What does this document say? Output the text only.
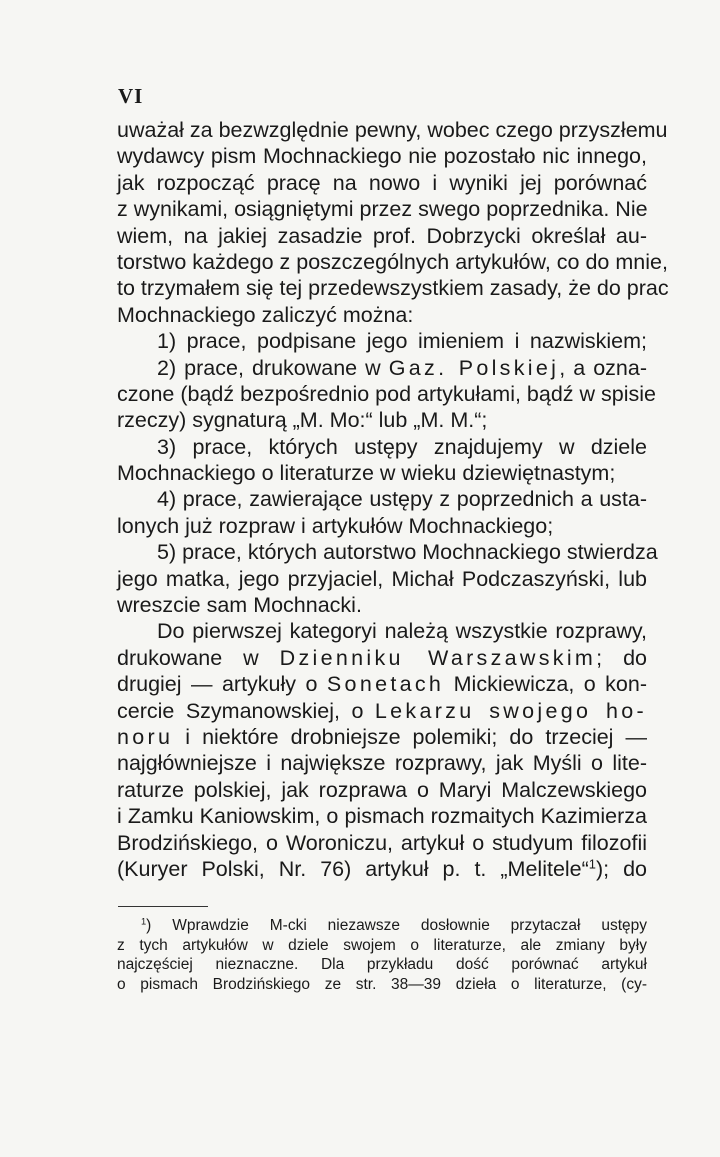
VI
uważał za bezwzględnie pewny, wobec czego przyszłemu
wydawcy pism Mochnackiego nie pozostało nic innego,
jak rozpocząć pracę na nowo i wyniki jej porównać
z wynikami, osiągniętymi przez swego poprzednika. Nie
wiem, na jakiej zasadzie prof. Dobrzycki określał au-
torstwo każdego z poszczególnych artykułów, co do mnie,
to trzymałem się tej przedewszystkiem zasady, że do prac
Mochnackiego zaliczyć można:
1) prace, podpisane jego imieniem i nazwiskiem;
2) prace, drukowane w Gaz. Polskiej, a ozna-
czone (bądź bezpośrednio pod artykułami, bądź w spisie
rzeczy) sygnaturą „M. Mo:“ lub „M. M.“;
3) prace, których ustępy znajdujemy w dziele
Mochnackiego o literaturze w wieku dziewiętnastym;
4) prace, zawierające ustępy z poprzednich a usta-
lonych już rozpraw i artykułów Mochnackiego;
5) prace, których autorstwo Mochnackiego stwierdza
jego matka, jego przyjaciel, Michał Podczaszyński, lub
wreszcie sam Mochnacki.
Do pierwszej kategoryi należą wszystkie rozprawy,
drukowane w Dzienniku Warszawskim; do
drugiej — artykuły o Sonetach Mickiewicza, o kon-
cercie Szymanowskiej, o Lekarzu swojego ho-
noru i niektóre drobniejsze polemiki; do trzeciej —
najgłówniejsze i największe rozprawy, jak Myśli o lite-
raturze polskiej, jak rozprawa o Maryi Malczewskiego
i Zamku Kaniowskim, o pismach rozmaitych Kazimierza
Brodzińskiego, o Woroniczu, artykuł o studyum filozofii
(Kuryer Polski, Nr. 76) artykuł p. t. „Melitele“$^1$); do
$^1$) Wprawdzie M-cki niezawsze dosłownie przytaczał ustępy
z tych artykułów w dziele swojem o literaturze, ale zmiany były
najczęściej nieznaczne. Dla przykładu dość porównać artykuł
o pismach Brodzińskiego ze str. 38—39 dzieła o literaturze, (cy-
